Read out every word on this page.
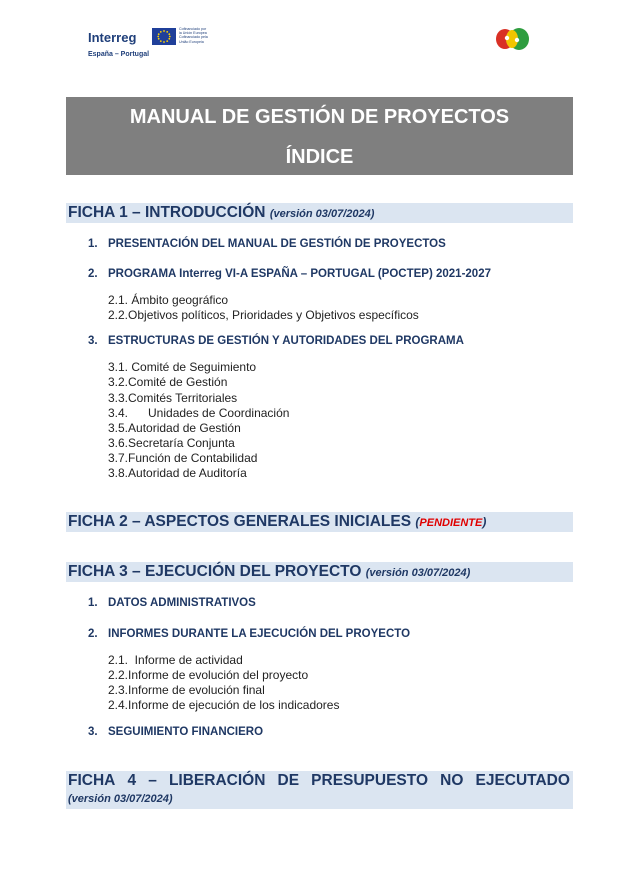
Interreg
Cofinanciado por
la Unión Europea
Cofinanciado pela
União Europeia
España – Portugal
MANUAL DE GESTIÓN DE PROYECTOS
ÍNDICE
FICHA 1 – INTRODUCCIÓN (versión 03/07/2024)
1. PRESENTACIÓN DEL MANUAL DE GESTIÓN DE PROYECTOS
2. PROGRAMA Interreg VI-A ESPAÑA – PORTUGAL (POCTEP) 2021-2027
2.1. Ámbito geográfico
2.2.Objetivos políticos, Prioridades y Objetivos específicos
3. ESTRUCTURAS DE GESTIÓN Y AUTORIDADES DEL PROGRAMA
3.1. Comité de Seguimiento
3.2.Comité de Gestión
3.3.Comités Territoriales
3.4.      Unidades de Coordinación
3.5.Autoridad de Gestión
3.6.Secretaría Conjunta
3.7.Función de Contabilidad
3.8.Autoridad de Auditoría
FICHA 2 – ASPECTOS GENERALES INICIALES (PENDIENTE)
FICHA 3 – EJECUCIÓN DEL PROYECTO (versión 03/07/2024)
1. DATOS ADMINISTRATIVOS
2. INFORMES DURANTE LA EJECUCIÓN DEL PROYECTO
2.1.  Informe de actividad
2.2.Informe de evolución del proyecto
2.3.Informe de evolución final
2.4.Informe de ejecución de los indicadores
3. SEGUIMIENTO FINANCIERO
FICHA 4 – LIBERACIÓN DE PRESUPUESTO NO EJECUTADO
(versión 03/07/2024)
